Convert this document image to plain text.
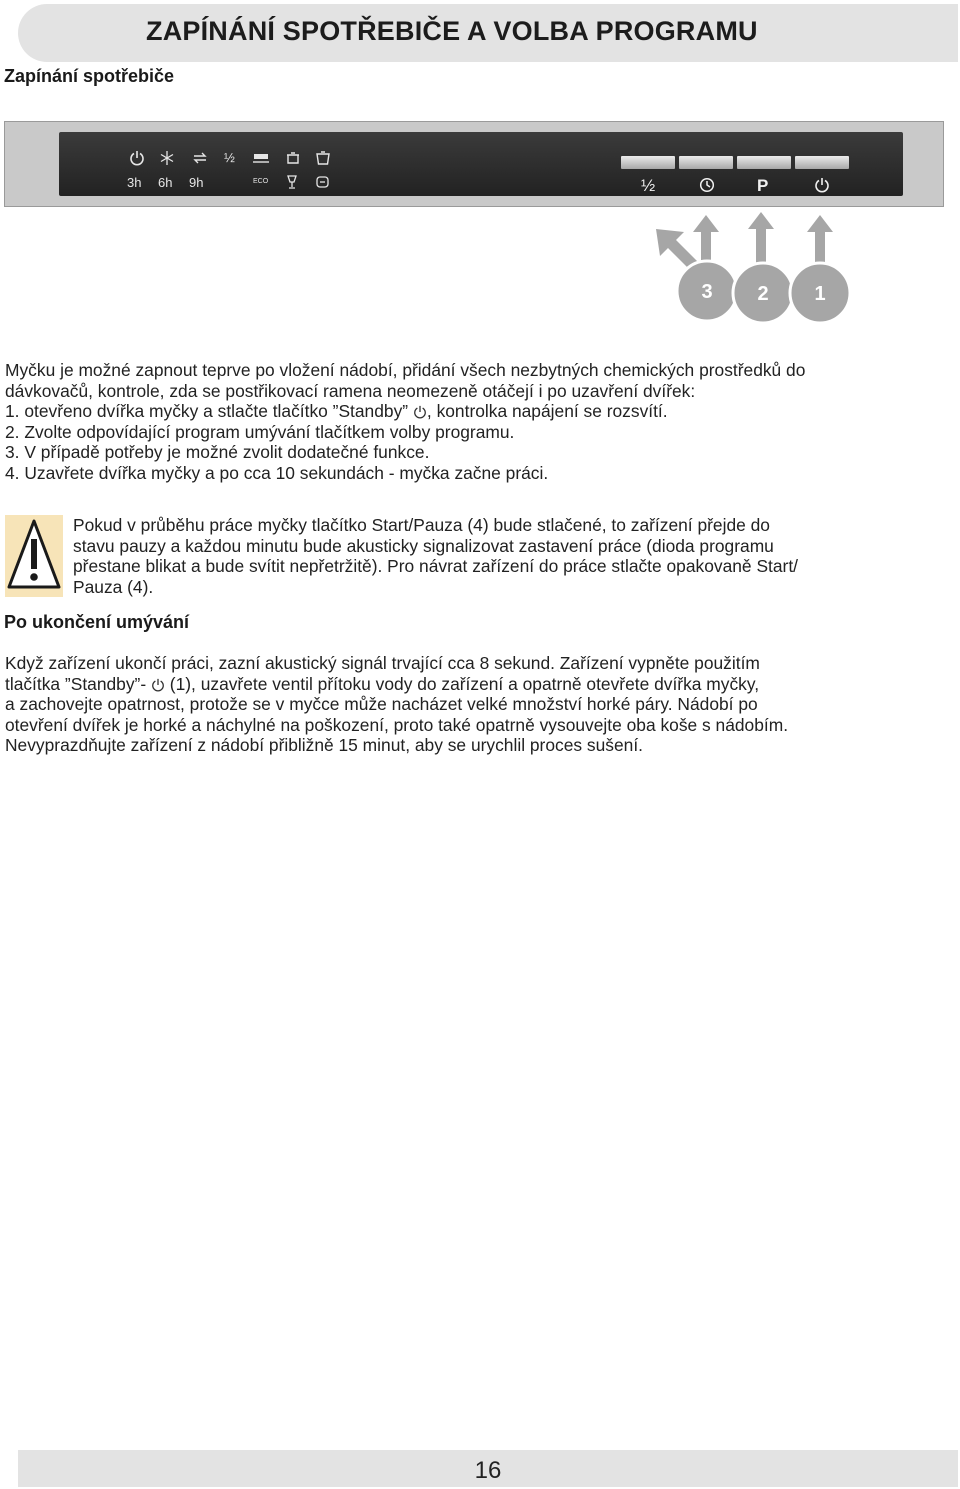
ZAPÍNÁNÍ SPOTŘEBIČE A VOLBA PROGRAMU
Zapínání spotřebiče
½
3h 6h 9h	ECO	½	P
3 2 1
Myčku je možné zapnout teprve po vložení nádobí, přidání všech nezbytných chemických prostředků do
dávkovačů, kontrole, zda se postřikovací ramena neomezeně otáčejí i po uzavření dvířek:
1. otevřeno dvířka myčky a stlačte tlačítko ”Standby” , kontrolka napájení se rozsvítí.
2. Zvolte odpovídající program umývání tlačítkem volby programu.
3. V případě potřeby je možné zvolit dodatečné funkce.
4. Uzavřete dvířka myčky a po cca 10 sekundách - myčka začne práci.
Pokud v průběhu práce myčky tlačítko Start/Pauza (4) bude stlačené, to zařízení přejde do
stavu pauzy a každou minutu bude akusticky signalizovat zastavení práce (dioda programu
přestane blikat a bude svítit nepřetržitě). Pro návrat zařízení do práce stlačte opakovaně Start/
Pauza (4).
Po ukončení umývání
Když zařízení ukončí práci, zazní akustický signál trvající cca 8 sekund. Zařízení vypněte použitím
tlačítka ”Standby”-  (1), uzavřete ventil přítoku vody do zařízení a opatrně otevřete dvířka myčky,
a zachovejte opatrnost, protože se v myčce může nacházet velké množství horké páry. Nádobí po
otevření dvířek je horké a náchylné na poškození, proto také opatrně vysouvejte oba koše s nádobím.
Nevyprazdňujte zařízení z nádobí přibližně 15 minut, aby se urychlil proces sušení.
16
